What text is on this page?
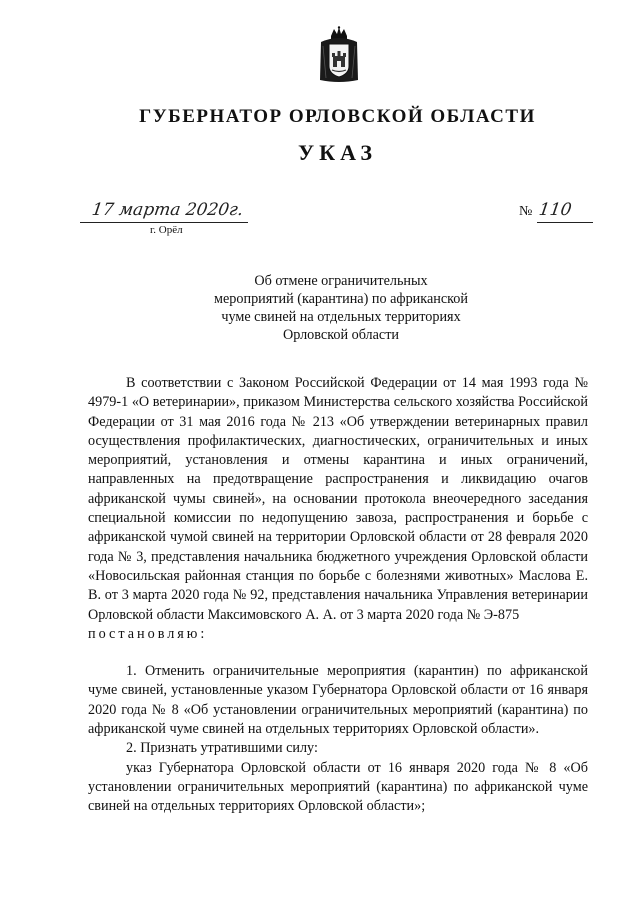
ГУБЕРНАТОР ОРЛОВСКОЙ ОБЛАСТИ
УКАЗ
17 марта 2020г.
г. Орёл
№ 110
Об отмене ограничительных
мероприятий (карантина) по африканской
чуме свиней на отдельных территориях
Орловской области

В соответствии с Законом Российской Федерации от 14 мая 1993 года № 4979-1 «О ветеринарии», приказом Министерства сельского хозяйства Российской Федерации от 31 мая 2016 года № 213 «Об утверждении ветеринарных правил осуществления профилактических, диагностических, ограничительных и иных мероприятий, установления и отмены карантина и иных ограничений, направленных на предотвращение распространения и ликвидацию очагов африканской чумы свиней», на основании протокола внеочередного заседания специальной комиссии по недопущению завоза, распространения и борьбе с африканской чумой свиней на территории Орловской области от 28 февраля 2020 года № 3, представления начальника бюджетного учреждения Орловской области «Новосильская районная станция по борьбе с болезнями животных» Маслова Е. В. от 3 марта 2020 года № 92, представления начальника Управления ветеринарии Орловской области Максимовского А. А. от 3 марта 2020 года № Э-875

постановляю:

1. Отменить ограничительные мероприятия (карантин) по африканской чуме свиней, установленные указом Губернатора Орловской области от 16 января 2020 года № 8 «Об установлении ограничительных мероприятий (карантина) по африканской чуме свиней на отдельных территориях Орловской области».

2. Признать утратившими силу:

указ Губернатора Орловской области от 16 января 2020 года № 8 «Об установлении ограничительных мероприятий (карантина) по африканской чуме свиней на отдельных территориях Орловской области»;
